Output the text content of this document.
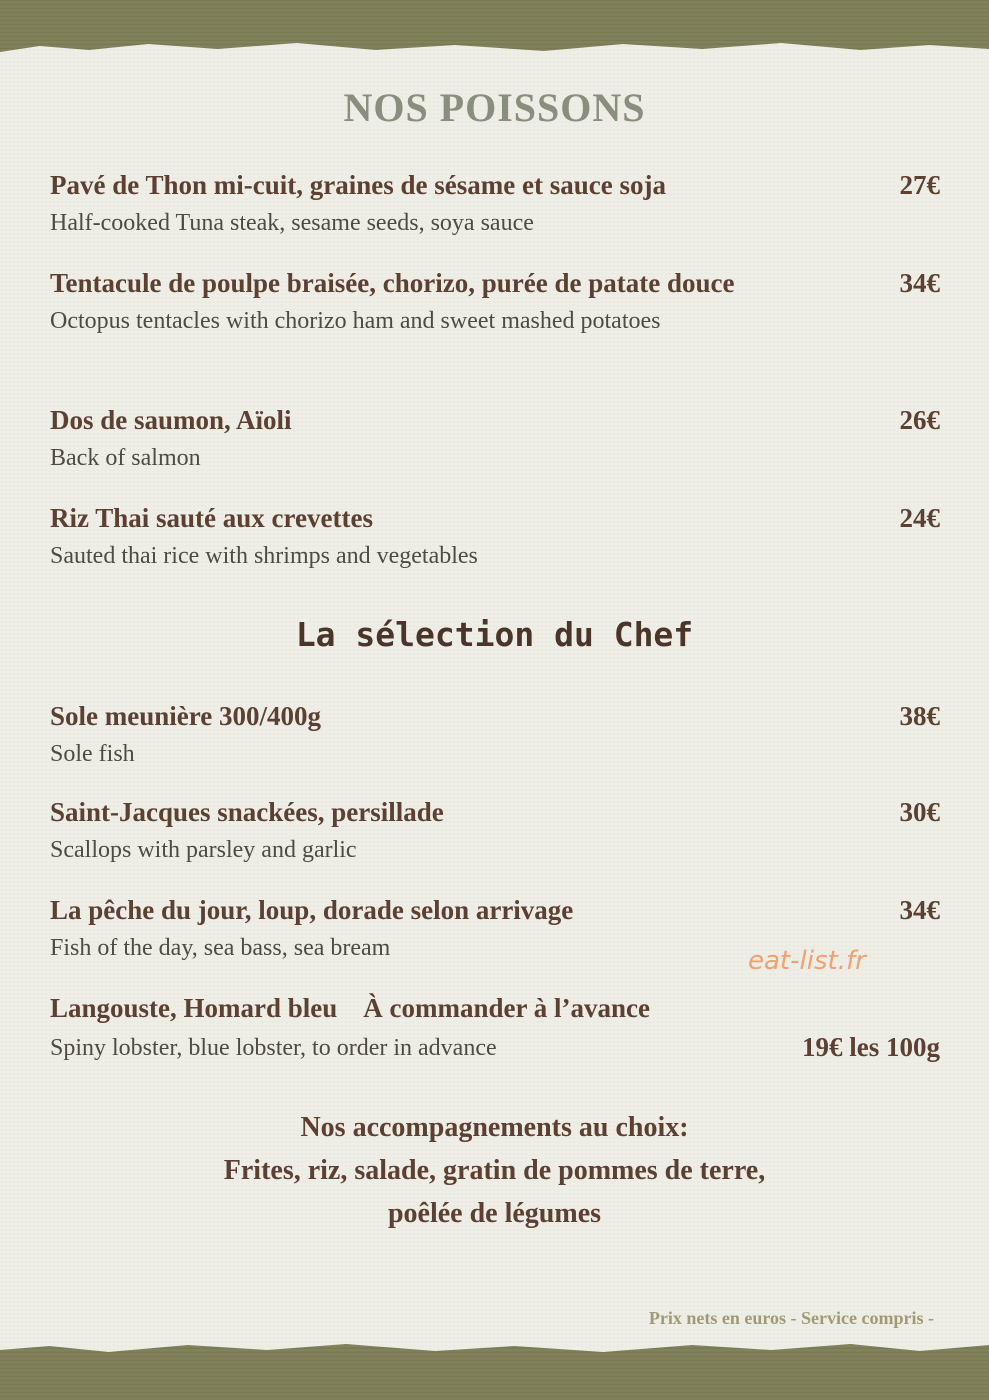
NOS POISSONS
Pavé de Thon mi-cuit, graines de sésame et sauce soja
Half-cooked Tuna steak, sesame seeds, soya sauce
27€
Tentacule de poulpe braisée, chorizo, purée de patate douce
Octopus tentacles with chorizo ham and sweet mashed potatoes
34€
Dos de saumon, Aïoli
Back of salmon
26€
Riz Thai sauté aux crevettes
Sauted thai rice with shrimps and vegetables
24€
La sélection du Chef
Sole meunière 300/400g
Sole fish
38€
Saint-Jacques snackées, persillade
Scallops with parsley and garlic
30€
La pêche du jour, loup, dorade selon arrivage
Fish of the day, sea bass, sea bream
34€
Langouste, Homard bleu À commander à l’avance
Spiny lobster, blue lobster, to order in advance	19€ les 100g
eat-list.fr
Nos accompagnements au choix:
Frites, riz, salade, gratin de pommes de terre,
poêlée de légumes
Prix nets en euros - Service compris -
